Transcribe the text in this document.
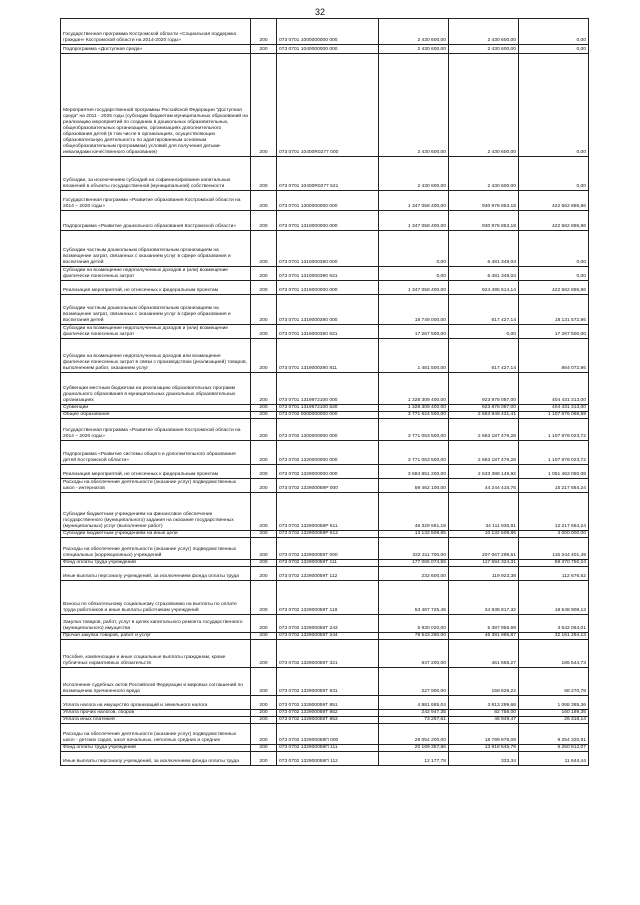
32
Государственная программа Костромской области «Социальная поддержка граждан» Костромской области на 2014-2020 годы»	200	073 0701 1000000000 000	2 430 600,00	2 430 600,00	0,00
Подпрограмма «Доступная среда»	200	073 0701 1040000000 000	2 430 600,00	2 430 600,00	0,00
Мероприятия государственной программы Российской Федерации "Доступная среда" на 2011 - 2025 годы (субсидии бюджетам муниципальных образований на реализацию мероприятий по созданию в дошкольных образовательных, общеобразовательных организациях, организациях дополнительного образования детей (в том числе в организациях, осуществляющих образовательную деятельность по адаптированным основным общеобразовательным программам) условий для получения детьми-инвалидами качественного образования)	200	073 0701 10400R0277 000	2 430 600,00	2 430 600,00	0,00
Субсидии, за исключением субсидий на софинансирование капитальных вложений в объекты государственной (муниципальной) собственности	200	073 0701 10400R0277 521	2 430 600,00	2 430 600,00	0,00
Государственная программа «Развитие образования Костромской области на 2014 – 2020 годы»	200	073 0701 1300000000 000	1 347 058 400,00	930 976 853,18	422 562 895,86
Подпрограмма «Развитие дошкольного образования Костромской области»	200	073 0701 1310000000 000	1 347 058 400,00	930 976 853,18	422 562 895,86
Субсидии частным дошкольным образовательным организациям на возмещение затрат, связанных с оказанием услуг в сфере образования и воспитания детей	200	073 0701 1310000390 000	0,00	6 481 349,04	0,00
Субсидии на возмещение недополученных доходов и (или) возмещение фактически понесенных затрат	200	073 0701 1310000390 631	0,00	6 481 349,04	0,00
Реализация мероприятий, не отнесенных к федеральным проектам	200	073 0701 1319000000 000	1 347 058 400,00	924 495 514,14	422 562 895,86
Субсидии частным дошкольным образовательным организациям на возмещение затрат, связанных с оказанием услуг в сфере образования и воспитания детей	200	073 0701 1319000390 000	18 749 000,00	617 427,14	18 131 572,86
Субсидии на возмещение недополученных доходов и (или) возмещение фактически понесенных затрат	200	073 0701 1319000390 631	17 267 500,00	0,00	17 267 500,00
Субсидии на возмещение недополученных доходов или возмещение фактически понесенных затрат в связи с производством (реализацией) товаров, выполнением работ, оказанием услуг	200	073 0701 1319000390 811	1 481 500,00	617 427,14	864 072,86
Субвенции местным бюджетам на реализацию образовательных программ дошкольного образования в муниципальных дошкольных образовательных организациях	200	073 0701 1319972100 000	1 328 309 400,00	923 878 087,00	404 431 313,00
Субвенции	200	073 0701 1319972100 530	1 328 309 400,00	923 878 087,00	404 431 313,00
Общее образование	200	073 0702 0000000000 000	3 771 624 500,00	2 663 948 431,41	1 107 676 068,59
Государственная программа «Развитие образования Костромской области на 2014 – 2020 годы»	200	073 0702 1300000000 000	3 771 053 500,00	2 663 187 476,28	1 107 876 023,72
Подпрограмма «Развитие системы общего и дополнительного образования детей Костромской области»	200	073 0702 1320000000 000	3 771 063 500,00	2 663 187 476,28	1 107 876 023,72
Реализация мероприятий, не отнесенных к федеральным проектам	200	073 0702 1329000000 000	3 684 851 200,00	2 633 388 149,92	1 051 463 050,08
Расходы на обеспечение деятельности (оказание услуг) подведомственных школ - интернатов	200	073 0702 132900059P 000	59 462 100,00	44 244 415,76	15 217 684,24
Субсидии бюджетным учреждениям на финансовое обеспечение государственного (муниципального) задания на оказание государственных (муниципальных) услуг (выполнение работ)	200	073 0702 132900059P 611	46 329 591,15	34 111 936,91	12 217 664,24
Субсидии бюджетным учреждениям на иные цели	200	073 0702 132900059P 612	13 132 508,85	10 132 508,85	3 000 000,00
Расходы на обеспечение деятельности (оказание услуг) подведомственных специальных (коррекционных) учреждений	200	073 0702 132900059T 000	322 311 700,00	207 067 298,51	115 244 401,49
Фонд оплаты труда учреждений	200	073 0702 132900059T 111	177 065 074,55	117 694 324,31	59 370 750,24
Иные выплаты персоналу учреждений, за исключением фонда оплаты труда	200	073 0702 132900059T 112	232 600,00	119 923,38	112 676,62
Взносы по обязательному социальному страхованию на выплаты по оплате труда работников и иные выплаты работникам учреждений	200	073 0702 132900059T 119	53 487 725,45	34 938 817,32	18 548 908,13
Закупка товаров, работ, услуг в целях капитального ремонта государственного (муниципального) имущества	200	073 0702 132900059T 243	5 930 020,00	5 387 955,99	3 542 064,01
Прочая закупка товаров, работ и услуг	200	073 0702 132900059T 244	78 543 280,00	46 381 985,87	32 161 294,13
Пособия, компенсации и иные социальные выплаты гражданам, кроме публичных нормативных обязательств	200	073 0702 132900059T 321	647 200,00	461 655,27	185 544,73
Исполнение судебных актов Российской Федерации и мировых соглашений по возмещению причиненного вреда	200	073 0702 132900059T 831	227 900,00	159 629,22	68 270,78
Уплата налога на имущество организаций и земельного налога	200	073 0702 132900059T 851	4 881 685,04	3 813 299,68	1 068 385,36
Уплата прочих налогов, сборов	200	073 0702 132900059T 852	242 947,35	82 758,00	160 189,35
Уплата иных платежей	200	073 0702 132900059T 853	73 267,61	46 949,47	26 318,14
Расходы на обеспечение деятельности (оказание услуг) подведомственных школ - детских садов, школ начальных, неполных средних и средних	200	073 0702 132900059П 000	28 054 200,00	18 799 879,09	9 254 320,91
Фонд оплаты труда учреждений	200	073 0702 132900059П 111	20 169 357,86	13 918 545,79	6 250 812,07
Иные выплаты персоналу учреждений, за исключением фонда оплаты труда	200	073 0702 132900059П 112	12 177,78	333,34	11 844,44
